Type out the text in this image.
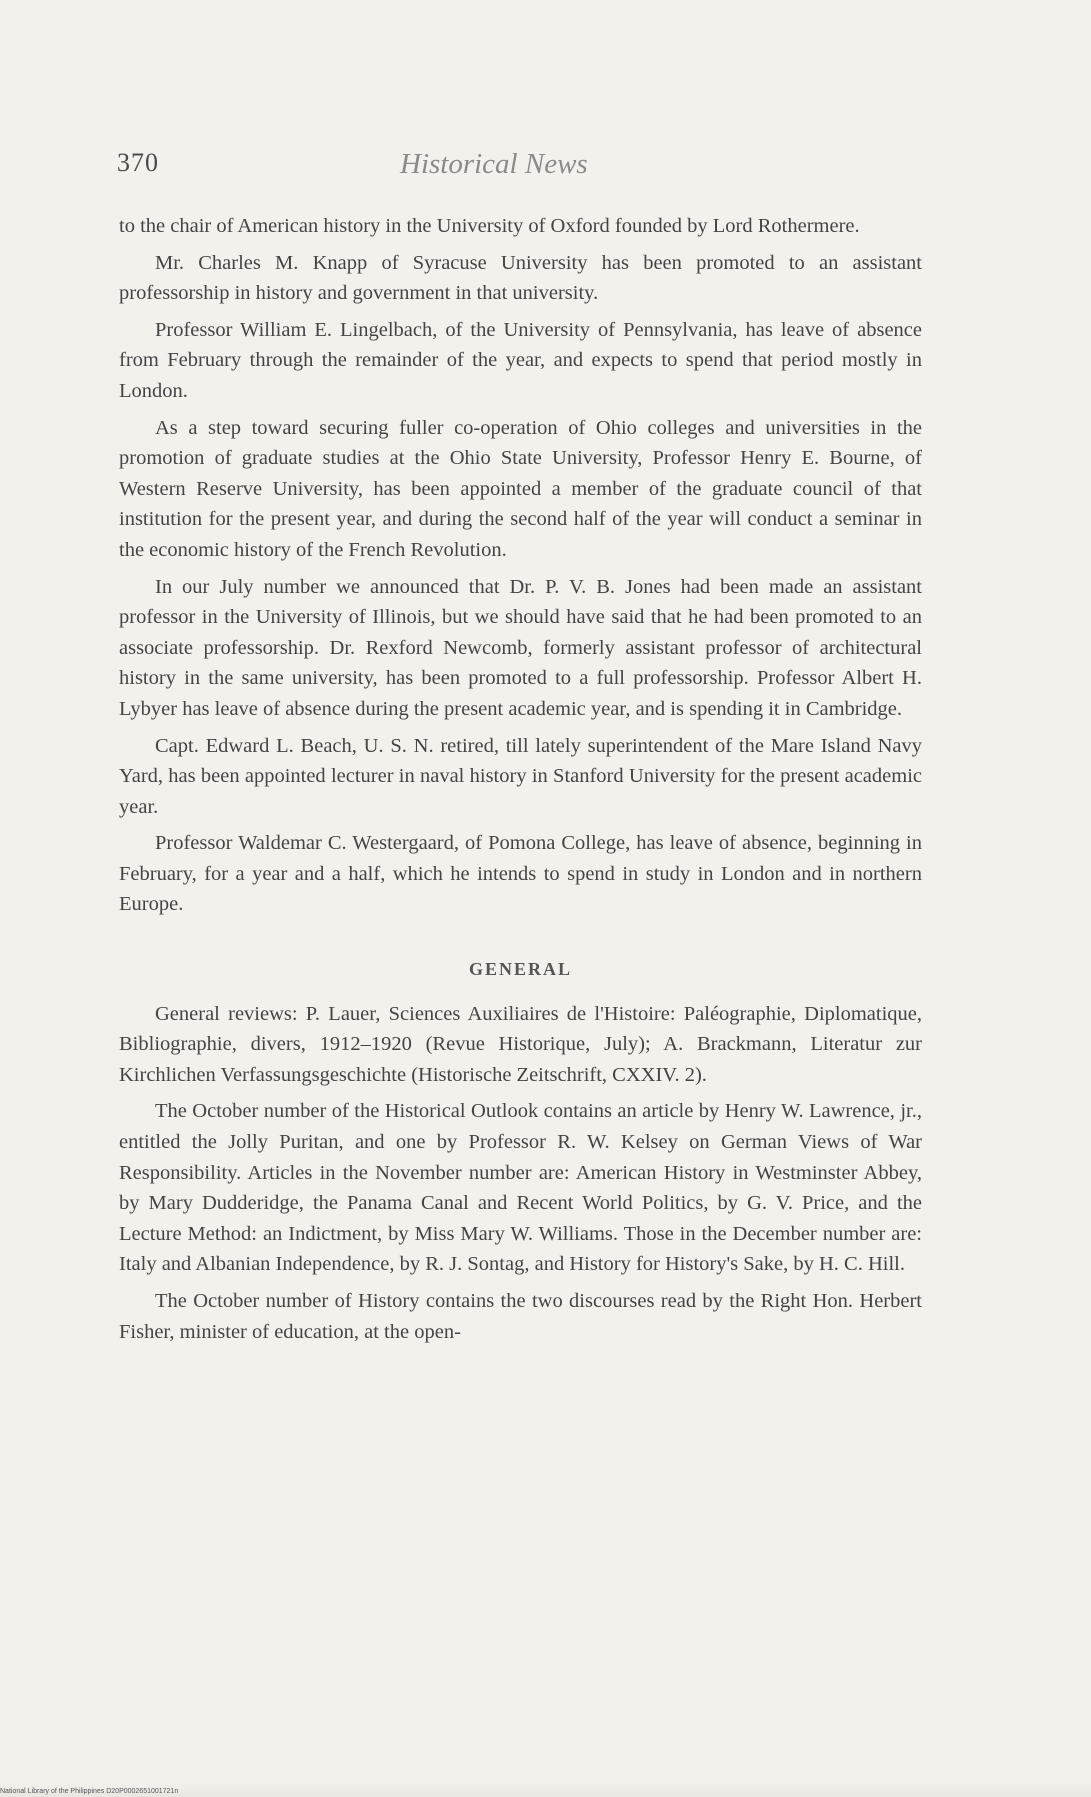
370	Historical News

to the chair of American history in the University of Oxford founded by Lord Rothermere.

Mr. Charles M. Knapp of Syracuse University has been promoted to an assistant professorship in history and government in that university.

Professor William E. Lingelbach, of the University of Pennsylvania, has leave of absence from February through the remainder of the year, and expects to spend that period mostly in London.

As a step toward securing fuller co-operation of Ohio colleges and universities in the promotion of graduate studies at the Ohio State University, Professor Henry E. Bourne, of Western Reserve University, has been appointed a member of the graduate council of that institution for the present year, and during the second half of the year will conduct a seminar in the economic history of the French Revolution.

In our July number we announced that Dr. P. V. B. Jones had been made an assistant professor in the University of Illinois, but we should have said that he had been promoted to an associate professorship. Dr. Rexford Newcomb, formerly assistant professor of architectural history in the same university, has been promoted to a full professorship. Professor Albert H. Lybyer has leave of absence during the present academic year, and is spending it in Cambridge.

Capt. Edward L. Beach, U. S. N. retired, till lately superintendent of the Mare Island Navy Yard, has been appointed lecturer in naval history in Stanford University for the present academic year.

Professor Waldemar C. Westergaard, of Pomona College, has leave of absence, beginning in February, for a year and a half, which he intends to spend in study in London and in northern Europe.

GENERAL

General reviews: P. Lauer, Sciences Auxiliaires de l'Histoire: Paléographie, Diplomatique, Bibliographie, divers, 1912–1920 (Revue Historique, July); A. Brackmann, Literatur zur Kirchlichen Verfassungsgeschichte (Historische Zeitschrift, CXXIV. 2).

The October number of the Historical Outlook contains an article by Henry W. Lawrence, jr., entitled the Jolly Puritan, and one by Professor R. W. Kelsey on German Views of War Responsibility. Articles in the November number are: American History in Westminster Abbey, by Mary Dudderidge, the Panama Canal and Recent World Politics, by G. V. Price, and the Lecture Method: an Indictment, by Miss Mary W. Williams. Those in the December number are: Italy and Albanian Independence, by R. J. Sontag, and History for History's Sake, by H. C. Hill.

The October number of History contains the two discourses read by the Right Hon. Herbert Fisher, minister of education, at the open-

National Library of the Philippines D20P0002651001721n
